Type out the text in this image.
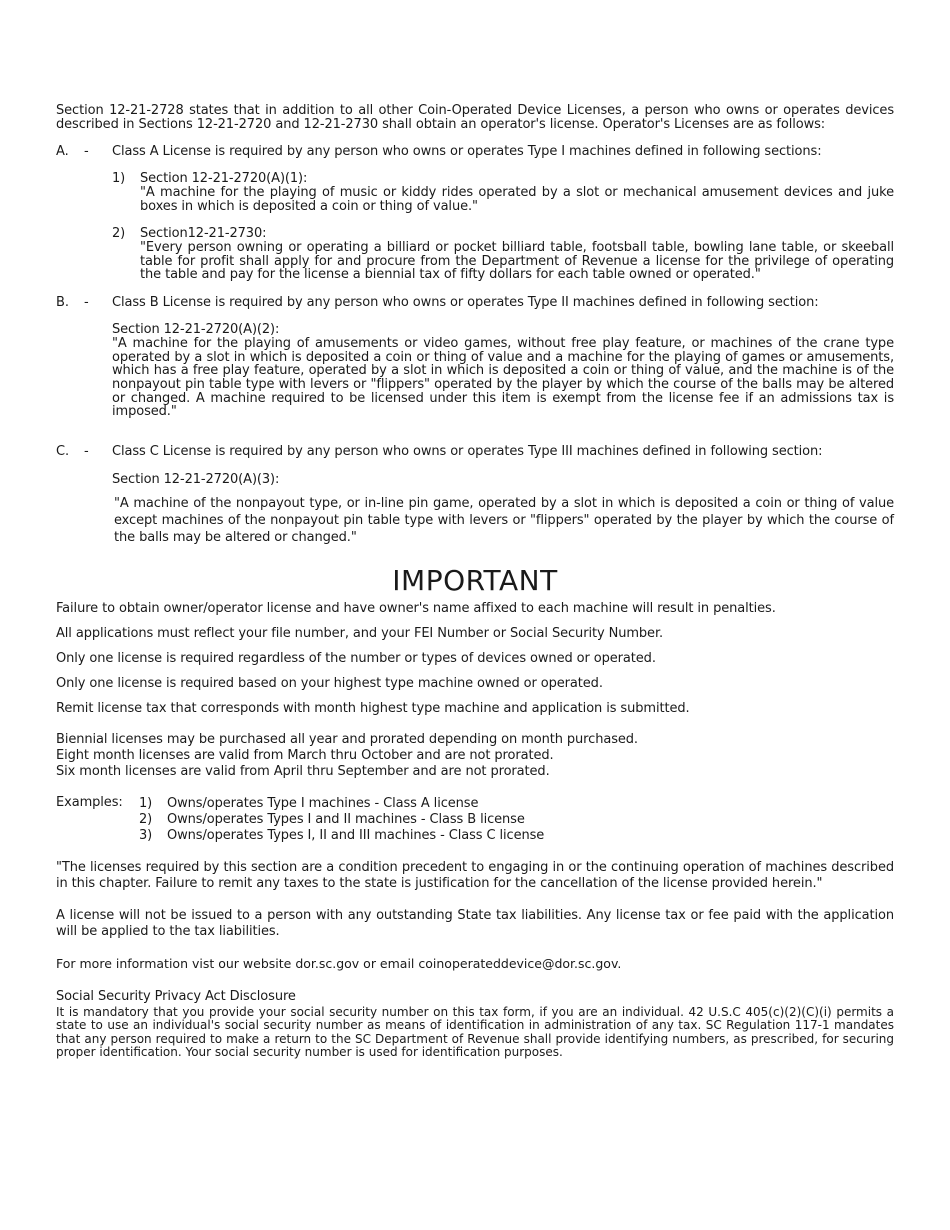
Section 12-21-2728 states that in addition to all other Coin-Operated Device Licenses, a person who owns or operates devices described in Sections 12-21-2720 and 12-21-2730 shall obtain an operator's license. Operator's Licenses are as follows:
A.	-	Class A License is required by any person who owns or operates Type I machines defined in following sections:
1)	Section 12-21-2720(A)(1):
"A machine for the playing of music or kiddy rides operated by a slot or mechanical amusement devices and juke boxes in which is deposited a coin or thing of value."
2)	Section12-21-2730:
"Every person owning or operating a billiard or pocket billiard table, footsball table, bowling lane table, or skeeball table for profit shall apply for and procure from the Department of Revenue a license for the privilege of operating the table and pay for the license a biennial tax of fifty dollars for each table owned or operated."
B.	-	Class B License is required by any person who owns or operates Type II machines defined in following section:
Section 12-21-2720(A)(2):
"A machine for the playing of amusements or video games, without free play feature, or machines of the crane type operated by a slot in which is deposited a coin or thing of value and a machine for the playing of games or amusements, which has a free play feature, operated by a slot in which is deposited a coin or thing of value, and the machine is of the nonpayout pin table type with levers or "flippers" operated by the player by which the course of the balls may be altered or changed. A machine required to be licensed under this item is exempt from the license fee if an admissions tax is imposed."
C.	-	Class C License is required by any person who owns or operates Type III machines defined in following section:
Section 12-21-2720(A)(3):
"A machine of the nonpayout type, or in-line pin game, operated by a slot in which is deposited a coin or thing of value except machines of the nonpayout pin table type with levers or "flippers" operated by the player by which the course of the balls may be altered or changed."
IMPORTANT
Failure to obtain owner/operator license and have owner's name affixed to each machine will result in penalties.
All applications must reflect your file number, and your FEI Number or Social Security Number.
Only one license is required regardless of the number or types of devices owned or operated.
Only one license is required based on your highest type machine owned or operated.
Remit license tax that corresponds with month highest type machine and application is submitted.
Biennial licenses may be purchased all year and prorated depending on month purchased.
Eight month licenses are valid from March thru October and are not prorated.
Six month licenses are valid from April thru September and are not prorated.
Examples:	1)	Owns/operates Type I machines - Class A license
2)	Owns/operates Types I and II machines - Class B license
3)	Owns/operates Types I, II and III machines - Class C license
"The licenses required by this section are a condition precedent to engaging in or the continuing operation of machines described in this chapter. Failure to remit any taxes to the state is justification for the cancellation of the license provided herein."
A license will not be issued to a person with any outstanding State tax liabilities. Any license tax or fee paid with the application will be applied to the tax liabilities.
For more information vist our website dor.sc.gov or email coinoperateddevice@dor.sc.gov.
Social Security Privacy Act Disclosure
It is mandatory that you provide your social security number on this tax form, if you are an individual. 42 U.S.C 405(c)(2)(C)(i) permits a state to use an individual's social security number as means of identification in administration of any tax. SC Regulation 117-1 mandates that any person required to make a return to the SC Department of Revenue shall provide identifying numbers, as prescribed, for securing proper identification. Your social security number is used for identification purposes.
